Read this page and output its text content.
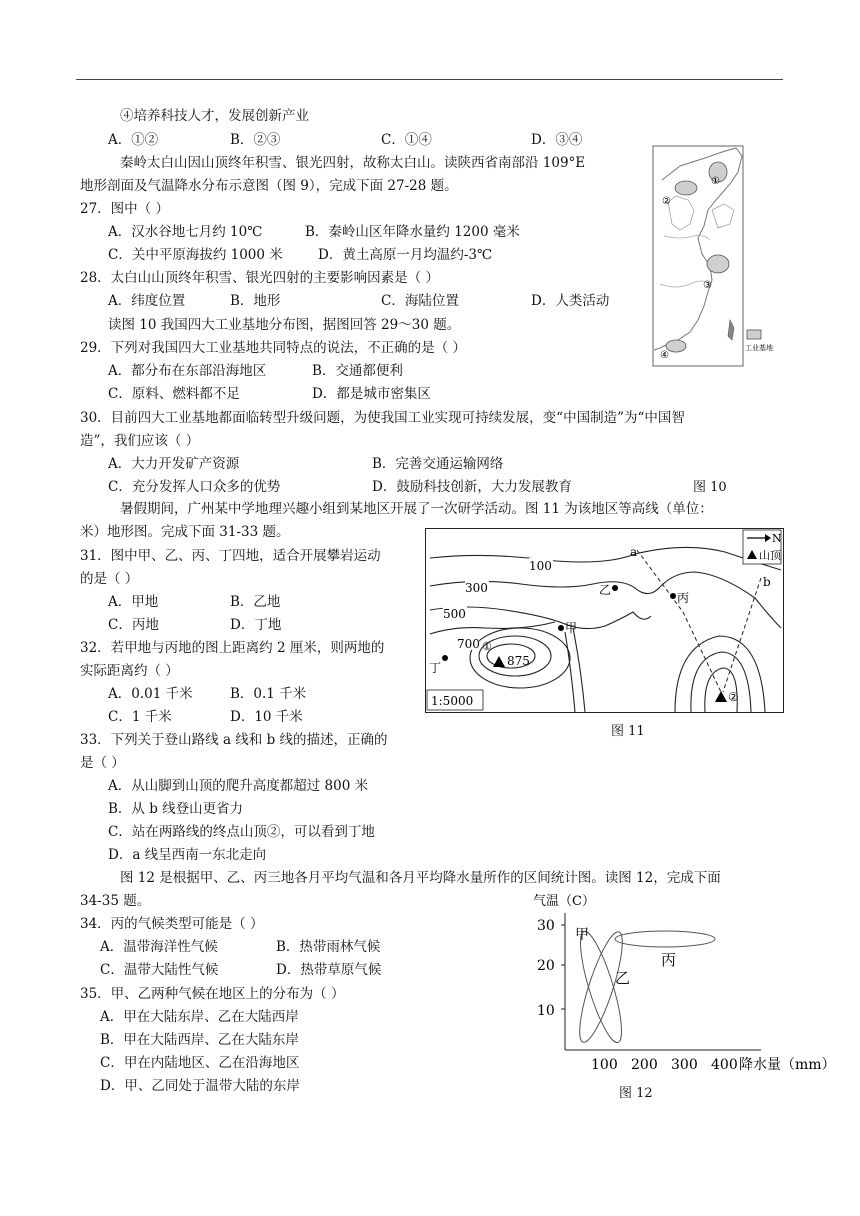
④培养科技人才，发展创新产业
A．①②	B．②③	C．①④	D．③④
秦岭太白山因山顶终年积雪、银光四射，故称太白山。读陕西省南部沿 109°E
地形剖面及气温降水分布示意图（图 9），完成下面 27-28 题。
27．图中（ ）
A．汉水谷地七月约 10℃	B．秦岭山区年降水量约 1200 毫米
C．关中平原海拔约 1000 米	D．黄土高原一月均温约-3℃
28．太白山山顶终年积雪、银光四射的主要影响因素是（ ）
A．纬度位置	B．地形	C．海陆位置	D．人类活动
读图 10 我国四大工业基地分布图，据图回答 29～30 题。
29．下列对我国四大工业基地共同特点的说法，不正确的是（ ）
A．都分布在东部沿海地区	B．交通都便利
C．原料、燃料都不足	D．都是城市密集区
30．目前四大工业基地都面临转型升级问题，为使我国工业实现可持续发展，变“中国制造”为“中国智
造”，我们应该（ ）
A．大力开发矿产资源	B．完善交通运输网络
C．充分发挥人口众多的优势	D．鼓励科技创新，大力发展教育
暑假期间，广州某中学地理兴趣小组到某地区开展了一次研学活动。图 11 为该地区等高线（单位：
米）地形图。完成下面 31-33 题。
31．图中甲、乙、丙、丁四地，适合开展攀岩运动
的是（ ）
A．甲地	B．乙地
C．丙地	D．丁地
32．若甲地与丙地的图上距离约 2 厘米，则两地的
实际距离约（ ）
A．0.01 千米	B．0.1 千米
C．1 千米	D．10 千米
33．下列关于登山路线 a 线和 b 线的描述，正确的
是（ ）
A．从山脚到山顶的爬升高度都超过 800 米
B．从 b 线登山更省力
C．站在两路线的终点山顶②，可以看到丁地
D．a 线呈西南一东北走向
图 12 是根据甲、乙、丙三地各月平均气温和各月平均降水量所作的区间统计图。读图 12，完成下面
34-35 题。
34．丙的气候类型可能是（ ）
A．温带海洋性气候	B．热带雨林气候
C．温带大陆性气候	D．热带草原气候
35．甲、乙两种气候在地区上的分布为（ ）
A．甲在大陆东岸、乙在大陆西岸
B．甲在大陆西岸、乙在大陆东岸
C．甲在内陆地区、乙在沿海地区
D．甲、乙同处于温带大陆的东岸
①
②
③
④
工业基地
图 10
100
300
500
700 ①
875
甲
乙
丙
丁
a
b
②
N
山顶
1:5000
图 11
气温（C）
30
20
10
100 200 300 400 降水量（mm）
甲
乙
丙
图 12
